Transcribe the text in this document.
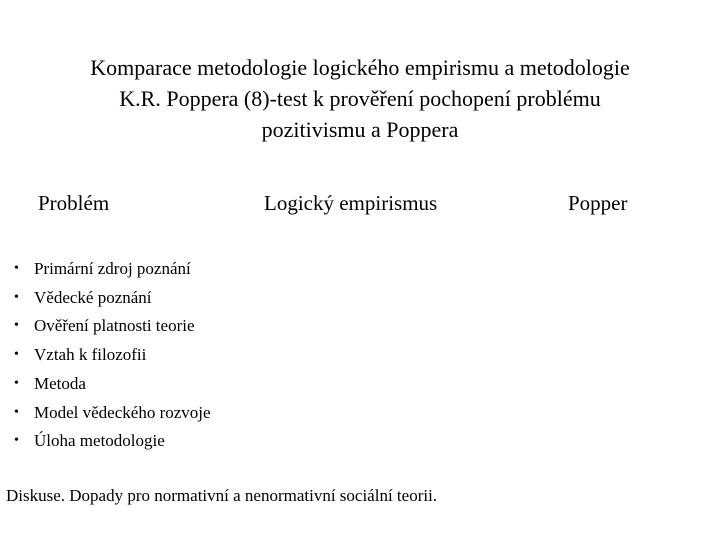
Komparace metodologie logického empirismu a metodologie
K.R. Poppera (8)-test k prověření pochopení problému
pozitivismu a Poppera
Problém	Logický empirismus	Popper
• Primární zdroj poznání
• Vědecké poznání
• Ověření platnosti teorie
• Vztah k filozofii
• Metoda
• Model vědeckého rozvoje
• Úloha metodologie
Diskuse. Dopady pro normativní a nenormativní sociální teorii.
